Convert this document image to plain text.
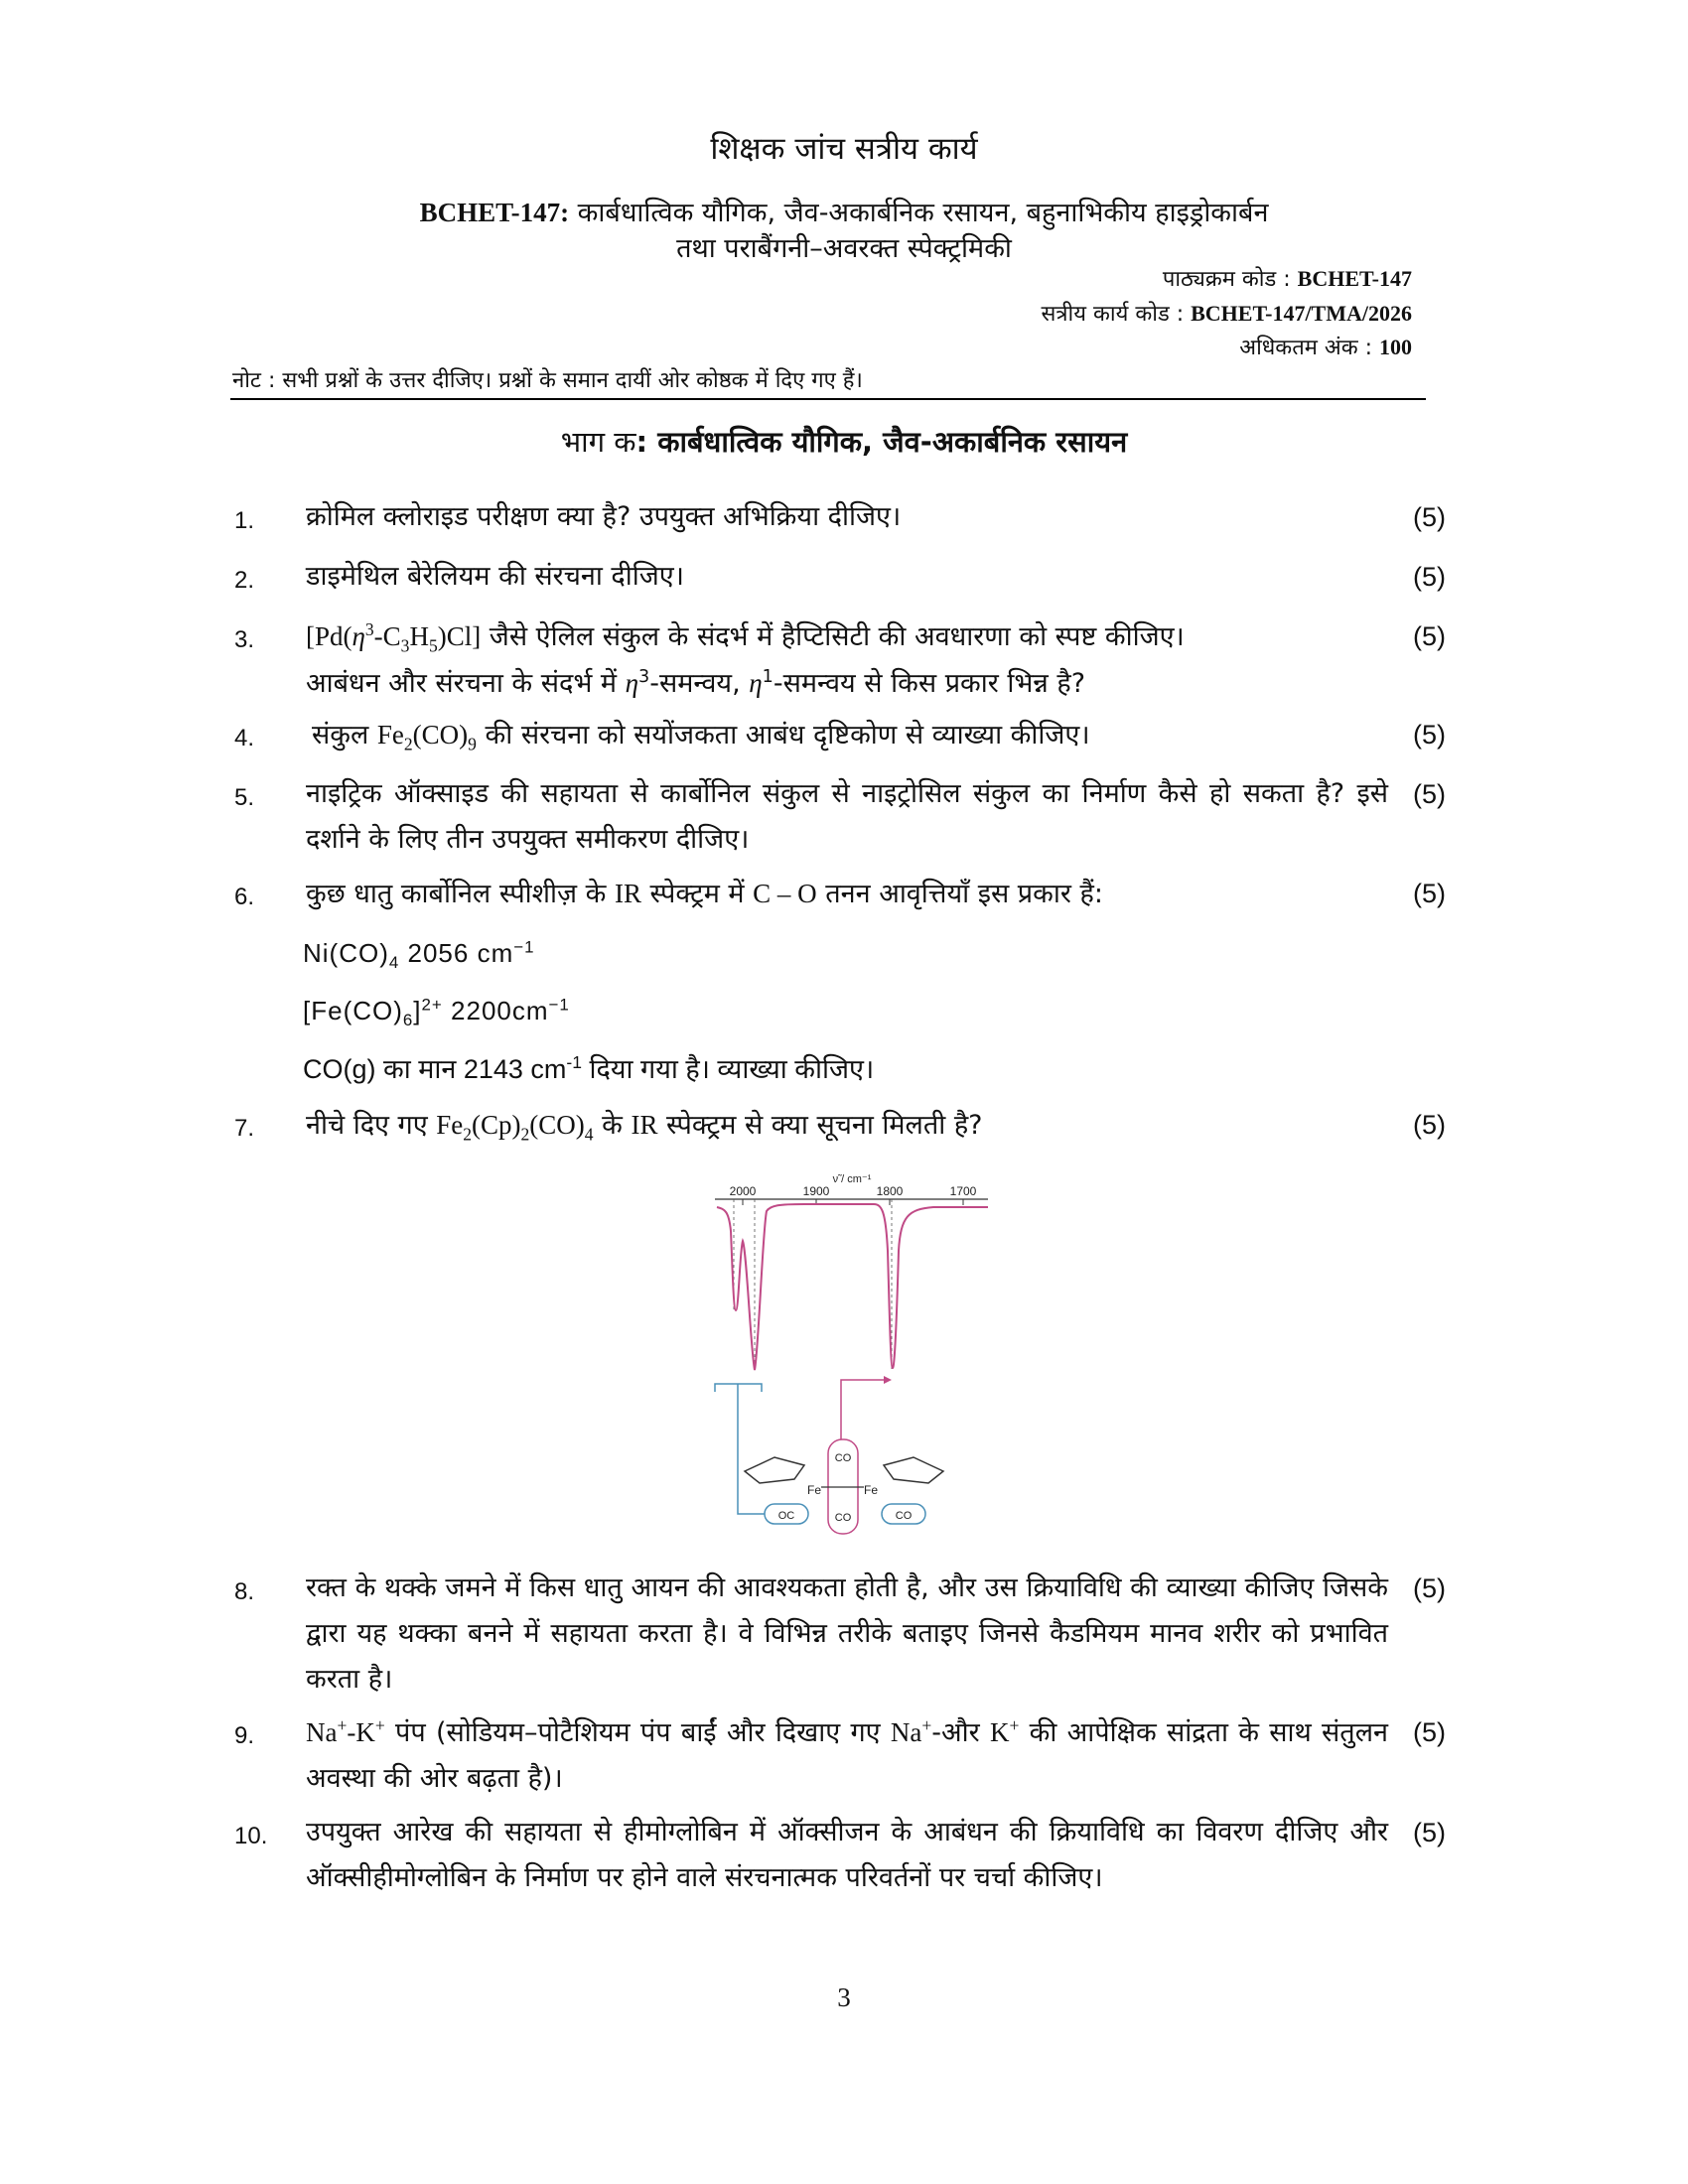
शिक्षक जांच सत्रीय कार्य
BCHET-147: कार्बधात्विक यौगिक, जैव-अकार्बनिक रसायन, बहुनाभिकीय हाइड्रोकार्बन
तथा पराबैंगनी–अवरक्त स्पेक्ट्रमिकी
पाठ्यक्रम कोड : BCHET-147
सत्रीय कार्य कोड : BCHET-147/TMA/2026
अधिकतम अंक : 100
नोट : सभी प्रश्नों के उत्तर दीजिए। प्रश्नों के समान दायीं ओर कोष्ठक में दिए गए हैं।
भाग क: कार्बधात्विक यौगिक, जैव-अकार्बनिक रसायन
1. क्रोमिल क्लोराइड परीक्षण क्या है? उपयुक्त अभिक्रिया दीजिए।	(5)
2. डाइमेथिल बेरेलियम की संरचना दीजिए।	(5)
3. $[Pd(\eta^3-C_3H_5)Cl]$ जैसे ऐलिल संकुल के संदर्भ में हैप्टिसिटी की अवधारणा को स्पष्ट कीजिए।
आबंधन और संरचना के संदर्भ में $\eta^3-समन्वय$, $\eta^1-समन्वय$ से किस प्रकार भिन्न है?
(5)
4. संकुल $Fe_2(CO)_9$ की संरचना को सयोंजकता आबंध दृष्टिकोण से व्याख्या कीजिए।	(5)
5. नाइट्रिक ऑक्साइड की सहायता से कार्बोनिल संकुल से नाइट्रोसिल संकुल का निर्माण कैसे हो सकता है? इसे दर्शाने के लिए तीन उपयुक्त समीकरण दीजिए।
(5)
6. कुछ धातु कार्बोनिल स्पीशीज़ के IR स्पेक्ट्रम में C – O तनन आवृत्तियाँ इस प्रकार हैं:	(5)
$Ni(CO)_4$ 2056 $cm^{-1}$
$[Fe(CO)_6]^{2+}$ $2200cm^{-1}$
CO(g) का मान 2143 $cm^{-1}$ दिया गया है। व्याख्या कीजिए।
7. नीचे दिए गए $Fe_2(Cp)_2(CO)_4$ के IR स्पेक्ट्रम से क्या सूचना मिलती है?	(5)
ν̃ / cm⁻¹
2000	1900	1800	1700
Fe	Fe
CO
CO
OC	CO
8. रक्त के थक्के जमने में किस धातु आयन की आवश्यकता होती है, और उस क्रियाविधि की व्याख्या कीजिए जिसके द्वारा यह थक्का बनने में सहायता करता है। वे विभिन्न तरीके बताइए जिनसे कैडमियम मानव शरीर को प्रभावित करता है।
(5)
9. Na+-K+ पंप (सोडियम–पोटैशियम पंप बाईं और दिखाए गए Na+-और K+ की आपेक्षिक सांद्रता के साथ संतुलन अवस्था की ओर बढ़ता है)।
(5)
10. उपयुक्त आरेख की सहायता से हीमोग्लोबिन में ऑक्सीजन के आबंधन की क्रियाविधि का विवरण दीजिए और ऑक्सीहीमोग्लोबिन के निर्माण पर होने वाले संरचनात्मक परिवर्तनों पर चर्चा कीजिए।
(5)
3
